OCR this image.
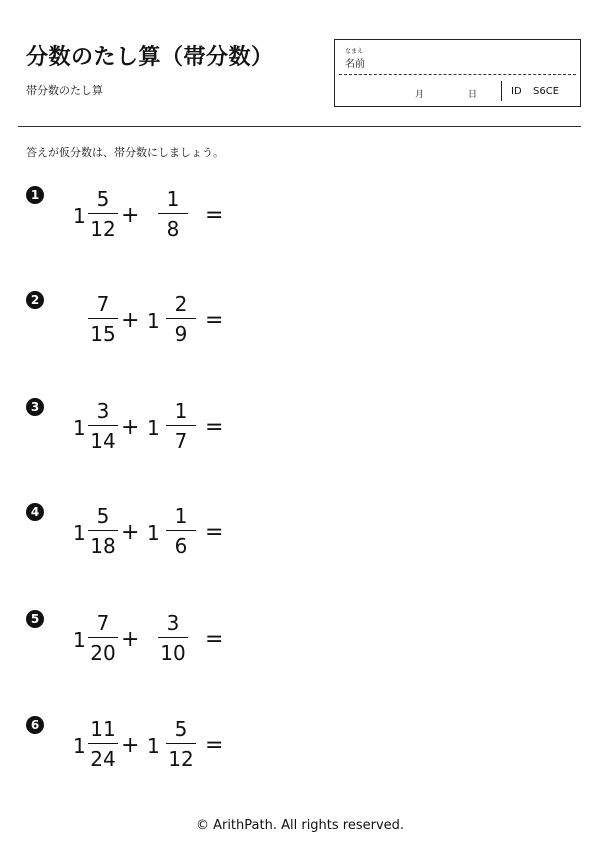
分数のたし算（帯分数）
帯分数のたし算
なまえ
名前
月	日	ID S6CE
答えが仮分数は、帯分数にしましょう。
1
1
5
12
+
1
8
=
2	7
15
+ 1
2
9
=
3
1
3
14
+ 1
1
7
=
4
1
5
18
+ 1
1
6
=
5
1
7
20
+
3
10
=
6
1
11
24
+ 1
5
12
=
© ArithPath. All rights reserved.
